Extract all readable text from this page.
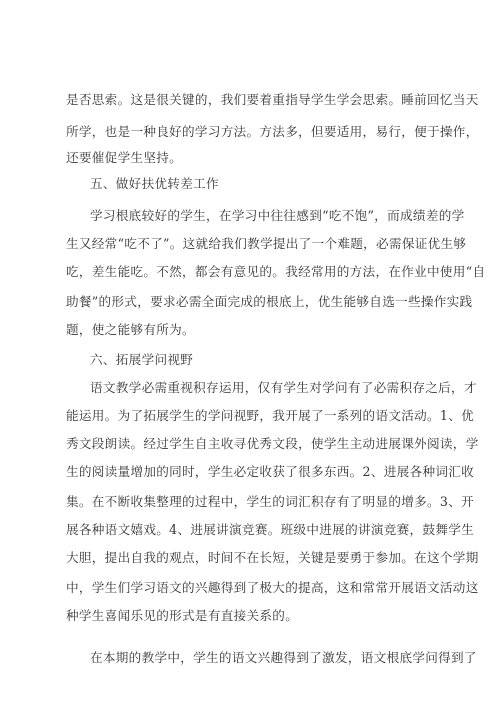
是否思索。这是很关键的，我们要着重指导学生学会思索。睡前回忆当天
所学，也是一种良好的学习方法。方法多，但要适用，易行，便于操作，
还要催促学生坚持。
五、做好扶优转差工作
学习根底较好的学生，在学习中往往感到“吃不饱”，而成绩差的学
生又经常“吃不了”。这就给我们教学提出了一个难题，必需保证优生够
吃，差生能吃。不然，都会有意见的。我经常用的方法，在作业中使用“自
助餐”的形式，要求必需全面完成的根底上，优生能够自选一些操作实践
题，使之能够有所为。
六、拓展学问视野
语文教学必需重视积存运用，仅有学生对学问有了必需积存之后，才
能运用。为了拓展学生的学问视野，我开展了一系列的语文活动。1、优
秀文段朗读。经过学生自主收寻优秀文段，使学生主动进展课外阅读，学
生的阅读量增加的同时，学生必定收获了很多东西。2、进展各种词汇收
集。在不断收集整理的过程中，学生的词汇积存有了明显的增多。3、开
展各种语文嬉戏。4、进展讲演竞赛。班级中进展的讲演竞赛，鼓舞学生
大胆，提出自我的观点，时间不在长短，关键是要勇于参加。在这个学期
中，学生们学习语文的兴趣得到了极大的提高，这和常常开展语文活动这
种学生喜闻乐见的形式是有直接关系的。
在本期的教学中，学生的语文兴趣得到了激发，语文根底学问得到了
